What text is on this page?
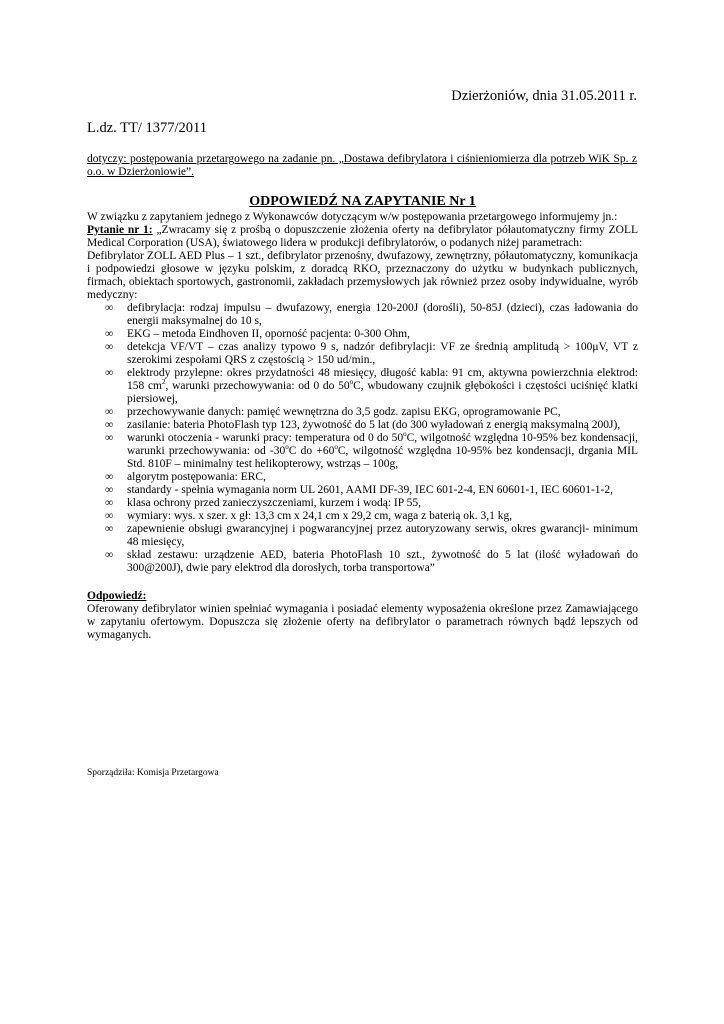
Dzierżoniów, dnia 31.05.2011 r.
L.dz. TT/ 1377/2011
dotyczy: postępowania przetargowego na zadanie pn. „Dostawa defibrylatora i ciśnieniomierza dla potrzeb WiK Sp. z o.o. w Dzierżoniowie”.
ODPOWIEDŹ NA ZAPYTANIE Nr 1

W związku z zapytaniem jednego z Wykonawców dotyczącym w/w postępowania przetargowego informujemy jn.:

Pytanie nr 1: „Zwracamy się z prośbą o dopuszczenie złożenia oferty na defibrylator półautomatyczny firmy ZOLL Medical Corporation (USA), światowego lidera w produkcji defibrylatorów, o podanych niżej parametrach:

Defibrylator ZOLL AED Plus – 1 szt., defibrylator przenośny, dwufazowy, zewnętrzny, półautomatyczny, komunikacja i podpowiedzi głosowe w języku polskim, z doradcą RKO, przeznaczony do użytku w budynkach publicznych, firmach, obiektach sportowych, gastronomii, zakładach przemysłowych jak również przez osoby indywidualne, wyrób medyczny:

∞ defibrylacja: rodzaj impulsu – dwufazowy, energia 120-200J (dorośli), 50-85J (dzieci), czas ładowania do energii maksymalnej do 10 s,
∞ EKG – metoda Eindhoven II, oporność pacjenta: 0-300 Ohm,
∞ detekcja VF/VT – czas analizy typowo 9 s, nadzór defibrylacji: VF ze średnią amplitudą > 100μV, VT z szerokimi zespołami QRS z częstością > 150 ud/min.,
∞ elektrody przylepne: okres przydatności 48 miesięcy, długość kabla: 91 cm, aktywna powierzchnia elektrod: 158 $cm^2$, warunki przechowywania: od 0 do 50$^o$C, wbudowany czujnik głębokości i częstości uciśnięć klatki piersiowej,
∞ przechowywanie danych: pamięć wewnętrzna do 3,5 godz. zapisu EKG, oprogramowanie PC,
∞ zasilanie: bateria PhotoFlash typ 123, żywotność do 5 lat (do 300 wyładowań z energią maksymalną 200J),
∞ warunki otoczenia - warunki pracy: temperatura od 0 do 50$^o$C, wilgotność względna 10-95% bez kondensacji, warunki przechowywania: od -30$^o$C do $+60^oC$, wilgotność względna 10-95% bez kondensacji, drgania MIL Std. 810F – minimalny test helikopterowy, wstrząs – 100g,
∞ algorytm postępowania: ERC,
∞ standardy - spełnia wymagania norm UL 2601, AAMI DF-39, IEC 601-2-4, EN 60601-1, IEC 60601-1-2,
∞ klasa ochrony przed zanieczyszczeniami, kurzem i wodą: IP 55,
∞ wymiary: wys. x szer. x gł: 13,3 cm x 24,1 cm x 29,2 cm, waga z baterią ok. 3,1 kg,
∞ zapewnienie obsługi gwarancyjnej i pogwarancyjnej przez autoryzowany serwis, okres gwarancji- minimum 48 miesięcy,
∞ skład zestawu: urządzenie AED, bateria PhotoFlash 10 szt., żywotność do 5 lat (ilość wyładowań do 300@200J), dwie pary elektrod dla dorosłych, torba transportowa”
Odpowiedź:

Oferowany defibrylator winien spełniać wymagania i posiadać elementy wyposażenia określone przez Zamawiającego w zapytaniu ofertowym. Dopuszcza się złożenie oferty na defibrylator o parametrach równych bądź lepszych od wymaganych.

Sporządziła: Komisja Przetargowa
